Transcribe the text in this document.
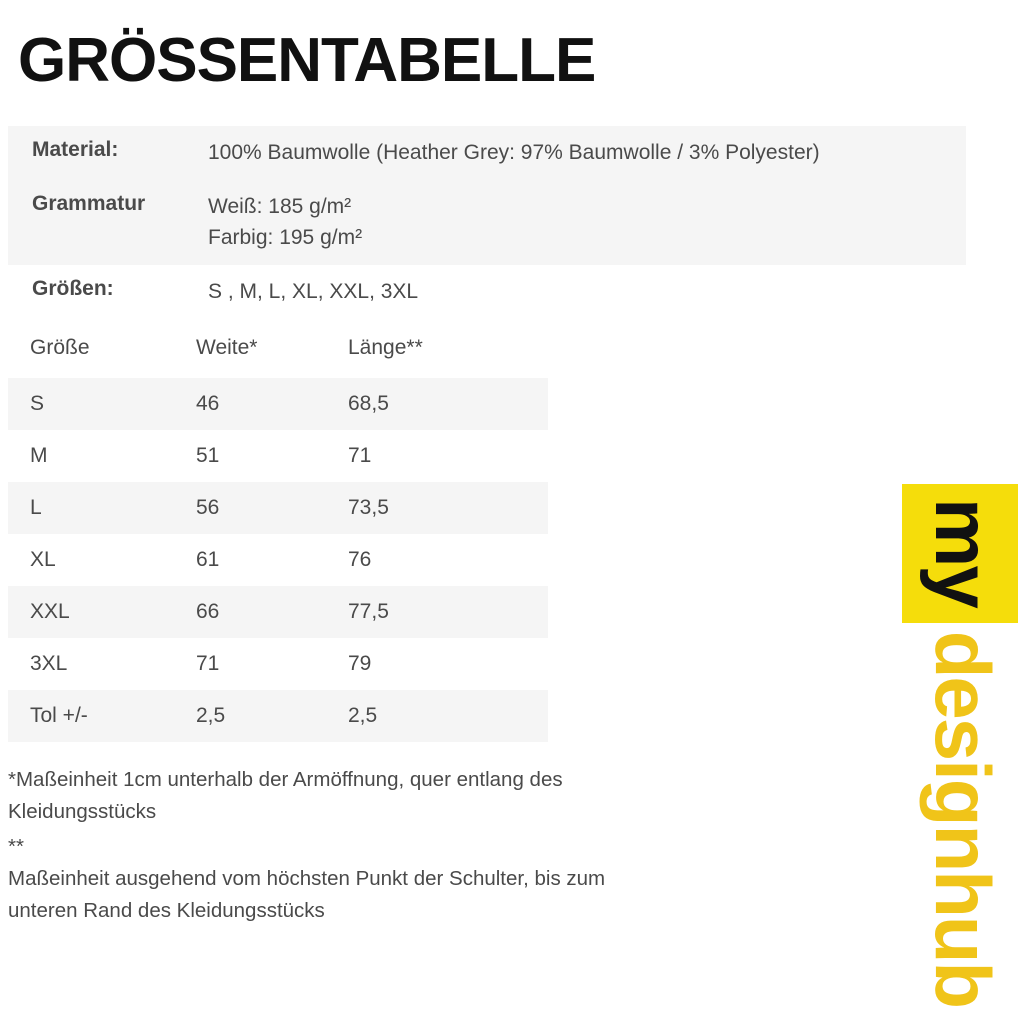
GRÖSSENTABELLE
Material:	100% Baumwolle (Heather Grey: 97% Baumwolle / 3% Polyester)
Grammatur	Weiß: 185 g/m²
Farbig: 195 g/m²
Größen:	S , M, L, XL, XXL, 3XL
Größe	Weite*	Länge**
S	46	68,5
M	51	71
L	56	73,5
XL	61	76
XXL	66	77,5
3XL	71	79
Tol +/-	2,5	2,5

*Maßeinheit 1cm unterhalb der Armöffnung, quer entlang des

Kleidungsstücks

**

Maßeinheit ausgehend vom höchsten Punkt der Schulter, bis zum

unteren Rand des Kleidungsstücks

my
designhub
